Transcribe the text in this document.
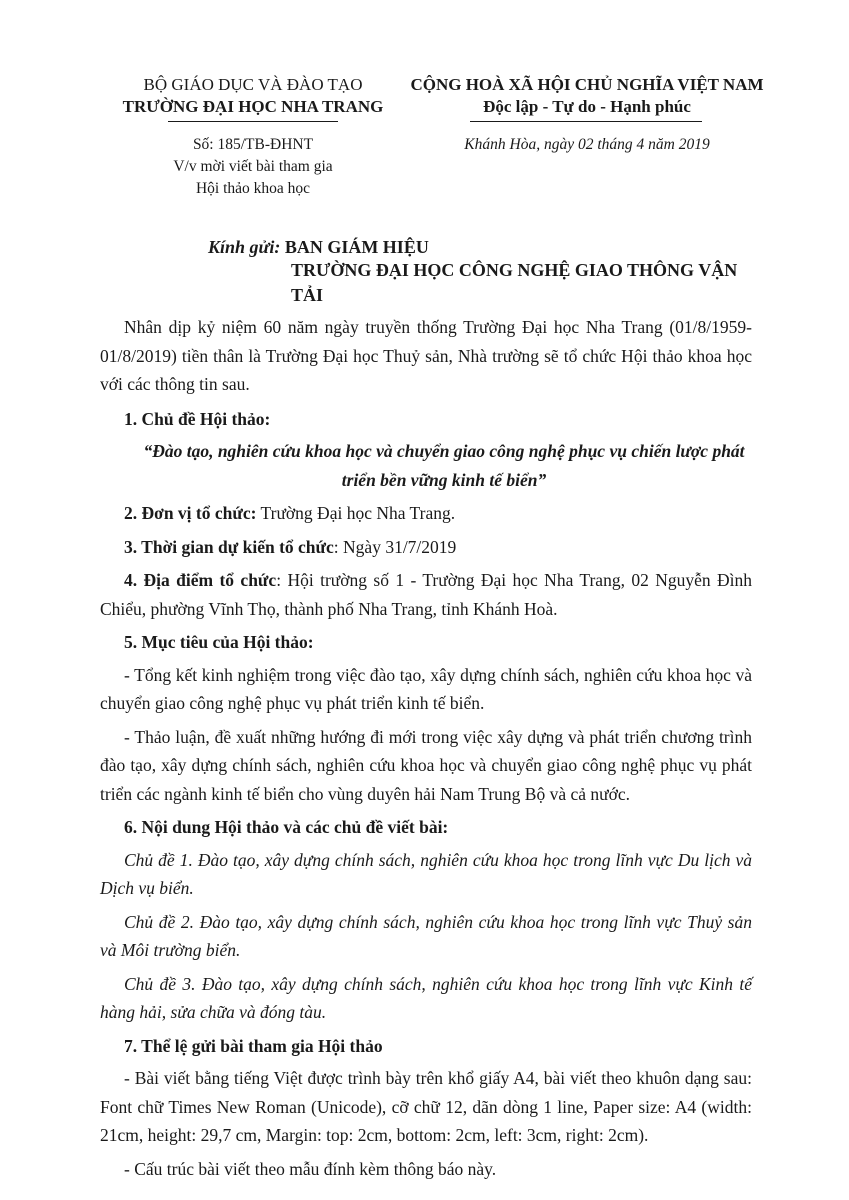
BỘ GIÁO DỤC VÀ ĐÀO TẠO
TRƯỜNG ĐẠI HỌC NHA TRANG
CỘNG HOÀ XÃ HỘI CHỦ NGHĨA VIỆT NAM
Độc lập - Tự do - Hạnh phúc
Số: 185/TB-ĐHNT
V/v mời viết bài tham gia
Hội thảo khoa học
Khánh Hòa, ngày 02 tháng 4 năm 2019
Kính gửi: BAN GIÁM HIỆU
TRƯỜNG ĐẠI HỌC CÔNG NGHỆ GIAO THÔNG VẬN TẢI
Nhân dịp kỷ niệm 60 năm ngày truyền thống Trường Đại học Nha Trang (01/8/1959-01/8/2019) tiền thân là Trường Đại học Thuỷ sản, Nhà trường sẽ tổ chức Hội thảo khoa học với các thông tin sau.
1. Chủ đề Hội thảo:
“Đào tạo, nghiên cứu khoa học và chuyển giao công nghệ phục vụ chiến lược phát triển bền vững kinh tế biển”
2. Đơn vị tổ chức: Trường Đại học Nha Trang.
3. Thời gian dự kiến tổ chức: Ngày 31/7/2019
4. Địa điểm tổ chức: Hội trường số 1 - Trường Đại học Nha Trang, 02 Nguyễn Đình Chiểu, phường Vĩnh Thọ, thành phố Nha Trang, tỉnh Khánh Hoà.
5. Mục tiêu của Hội thảo:
- Tổng kết kinh nghiệm trong việc đào tạo, xây dựng chính sách, nghiên cứu khoa học và chuyển giao công nghệ phục vụ phát triển kinh tế biển.
- Thảo luận, đề xuất những hướng đi mới trong việc xây dựng và phát triển chương trình đào tạo, xây dựng chính sách, nghiên cứu khoa học và chuyển giao công nghệ phục vụ phát triển các ngành kinh tế biển cho vùng duyên hải Nam Trung Bộ và cả nước.
6. Nội dung Hội thảo và các chủ đề viết bài:
Chủ đề 1. Đào tạo, xây dựng chính sách, nghiên cứu khoa học trong lĩnh vực Du lịch và Dịch vụ biển.
Chủ đề 2. Đào tạo, xây dựng chính sách, nghiên cứu khoa học trong lĩnh vực Thuỷ sản và Môi trường biển.
Chủ đề 3. Đào tạo, xây dựng chính sách, nghiên cứu khoa học trong lĩnh vực Kinh tế hàng hải, sửa chữa và đóng tàu.
7. Thể lệ gửi bài tham gia Hội thảo
- Bài viết bằng tiếng Việt được trình bày trên khổ giấy A4, bài viết theo khuôn dạng sau: Font chữ Times New Roman (Unicode), cỡ chữ 12, dãn dòng 1 line, Paper size: A4 (width: 21cm, height: 29,7 cm, Margin: top: 2cm, bottom: 2cm, left: 3cm, right: 2cm).
- Cấu trúc bài viết theo mẫu đính kèm thông báo này.
